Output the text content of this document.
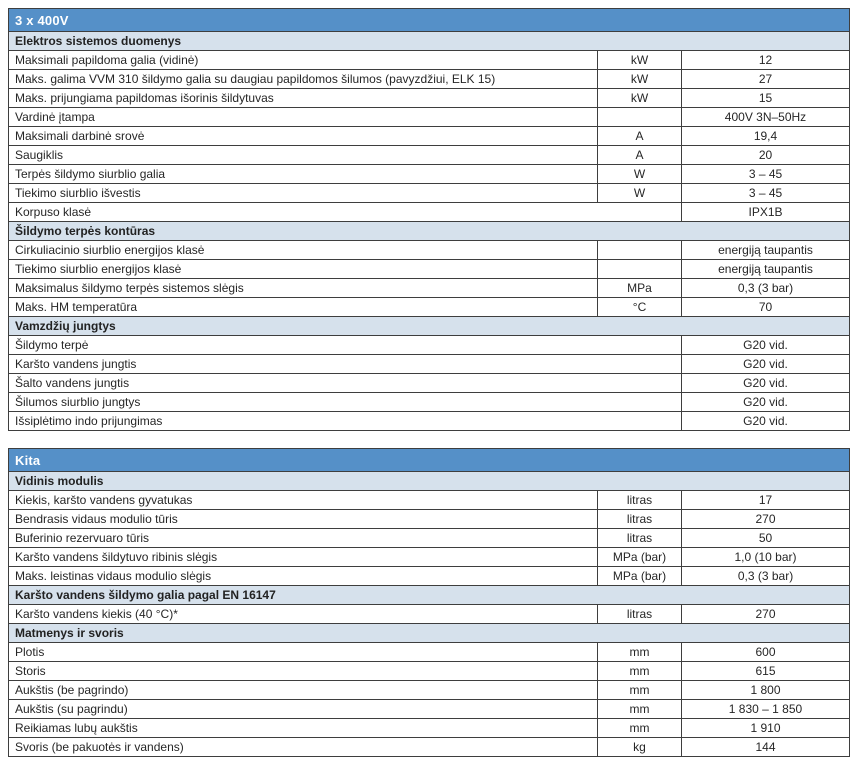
3 x 400V		
Elektros sistemos duomenys		
Maksimali papildoma galia (vidinė)	kW	12
Maks. galima VVM 310 šildymo galia su daugiau papildomos šilumos (pavyzdžiui, ELK 15)	kW	27
Maks. prijungiama papildomas išorinis šildytuvas	kW	15
Vardinė įtampa		400V 3N–50Hz
Maksimali darbinė srovė	A	19,4
Saugiklis	A	20
Terpės šildymo siurblio galia	W	3 – 45
Tiekimo siurblio išvestis	W	3 – 45
Korpuso klasė		IPX1B
Šildymo terpės kontūras		
Cirkuliacinio siurblio energijos klasė		energiją taupantis
Tiekimo siurblio energijos klasė		energiją taupantis
Maksimalus šildymo terpės sistemos slėgis	MPa	0,3 (3 bar)
Maks. HM temperatūra	°C	70
Vamzdžių jungtys		
Šildymo terpė		G20 vid.
Karšto vandens jungtis		G20 vid.
Šalto vandens jungtis		G20 vid.
Šilumos siurblio jungtys		G20 vid.
Išsiplėtimo indo prijungimas		G20 vid.
Kita		
Vidinis modulis		
Kiekis, karšto vandens gyvatukas	litras	17
Bendrasis vidaus modulio tūris	litras	270
Buferinio rezervuaro tūris	litras	50
Karšto vandens šildytuvo ribinis slėgis	MPa (bar)	1,0 (10 bar)
Maks. leistinas vidaus modulio slėgis	MPa (bar)	0,3 (3 bar)
Karšto vandens šildymo galia pagal EN 16147		
Karšto vandens kiekis (40 °C)*	litras	270
Matmenys ir svoris		
Plotis	mm	600
Storis	mm	615
Aukštis (be pagrindo)	mm	1 800
Aukštis (su pagrindu)	mm	1 830 – 1 850
Reikiamas lubų aukštis	mm	1 910
Svoris (be pakuotės ir vandens)	kg	144
